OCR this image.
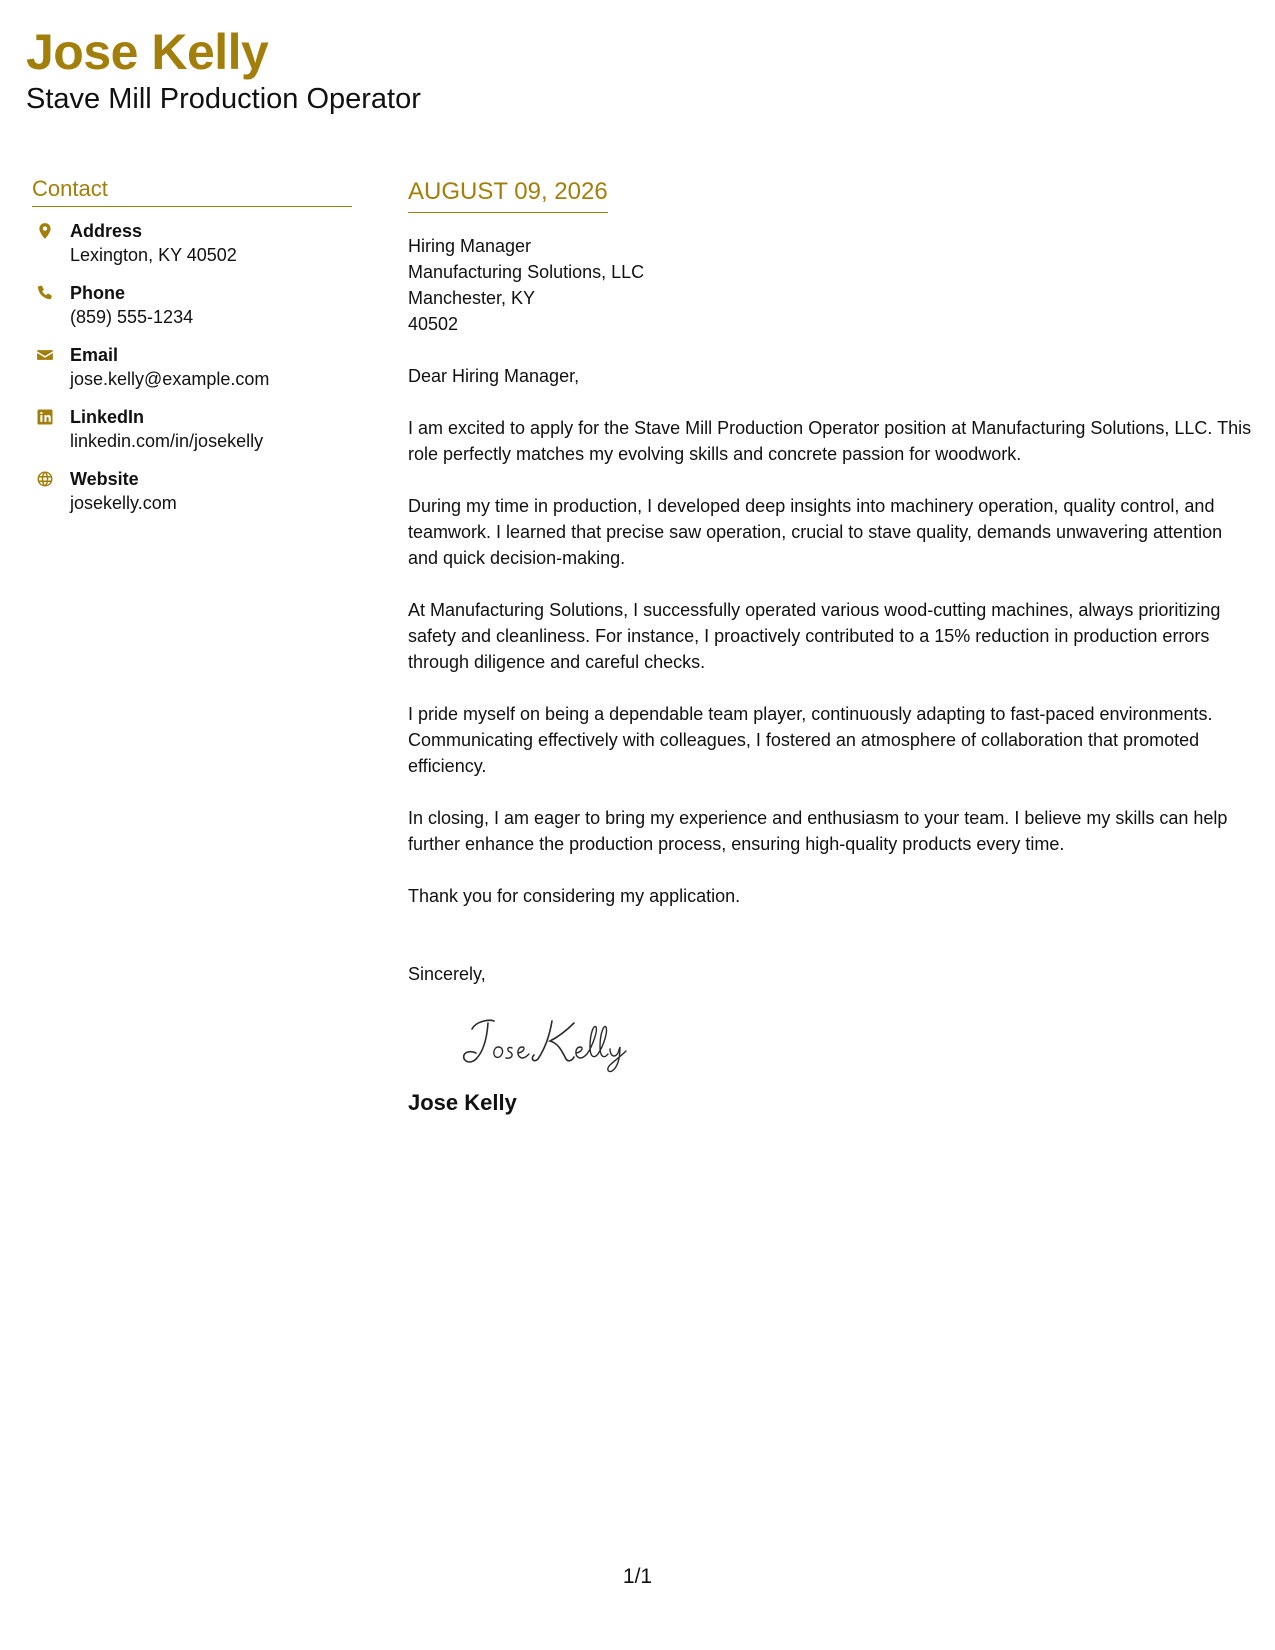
Jose Kelly
Stave Mill Production Operator
Contact
Address
Lexington, KY 40502
Phone
(859) 555-1234
Email
jose.kelly@example.com
LinkedIn
linkedin.com/in/josekelly
Website
josekelly.com
AUGUST 09, 2026
Hiring Manager
Manufacturing Solutions, LLC
Manchester, KY
40502
Dear Hiring Manager,
I am excited to apply for the Stave Mill Production Operator position at Manufacturing Solutions, LLC. This role perfectly matches my evolving skills and concrete passion for woodwork.
During my time in production, I developed deep insights into machinery operation, quality control, and teamwork. I learned that precise saw operation, crucial to stave quality, demands unwavering attention and quick decision-making.
At Manufacturing Solutions, I successfully operated various wood-cutting machines, always prioritizing safety and cleanliness. For instance, I proactively contributed to a 15% reduction in production errors through diligence and careful checks.
I pride myself on being a dependable team player, continuously adapting to fast-paced environments. Communicating effectively with colleagues, I fostered an atmosphere of collaboration that promoted efficiency.
In closing, I am eager to bring my experience and enthusiasm to your team. I believe my skills can help further enhance the production process, ensuring high-quality products every time.
Thank you for considering my application.
Sincerely,
Jose Kelly
1/1
